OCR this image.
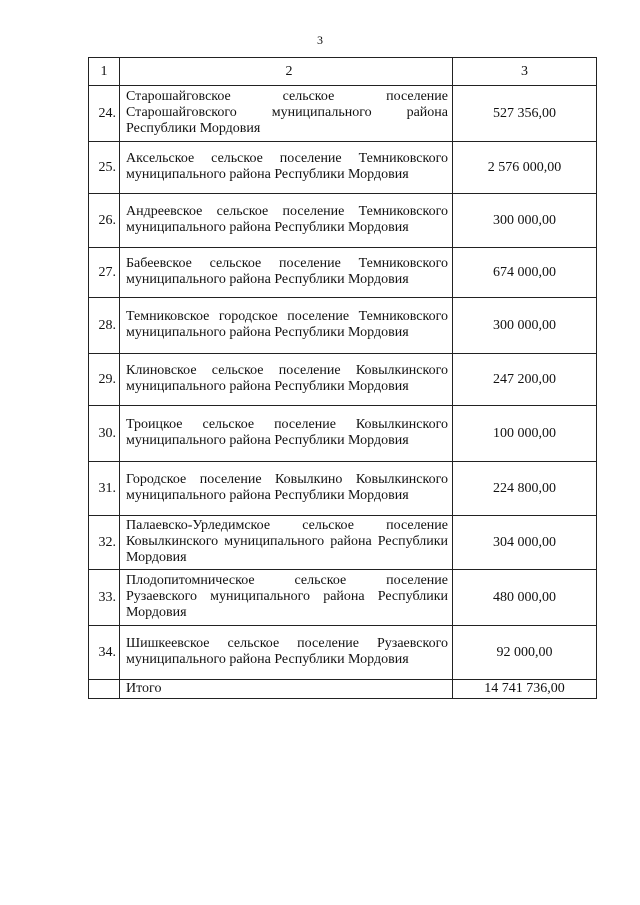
3
1	2	3
24.	Старошайговское сельское поселение Старошайговского муниципального района Республики Мордовия	527 356,00
25.	Аксельское сельское поселение Темниковского муниципального района Республики Мордовия	2 576 000,00
26.	Андреевское сельское поселение Темниковского муниципального района Республики Мордовия	300 000,00
27.	Бабеевское сельское поселение Темниковского муниципального района Республики Мордовия	674 000,00
28.	Темниковское городское поселение Темниковского муниципального района Республики Мордовия	300 000,00
29.	Клиновское сельское поселение Ковылкинского муниципального района Республики Мордовия	247 200,00
30.	Троицкое сельское поселение Ковылкинского муниципального района Республики Мордовия	100 000,00
31.	Городское поселение Ковылкино Ковылкинского муниципального района Республики Мордовия	224 800,00
32.	Палаевско-Урледимское сельское поселение Ковылкинского муниципального района Республики Мордовия	304 000,00
33.	Плодопитомническое сельское поселение Рузаевского муниципального района Республики Мордовия	480 000,00
34.	Шишкеевское сельское поселение Рузаевского муниципального района Республики Мордовия	92 000,00
	Итого	14 741 736,00
